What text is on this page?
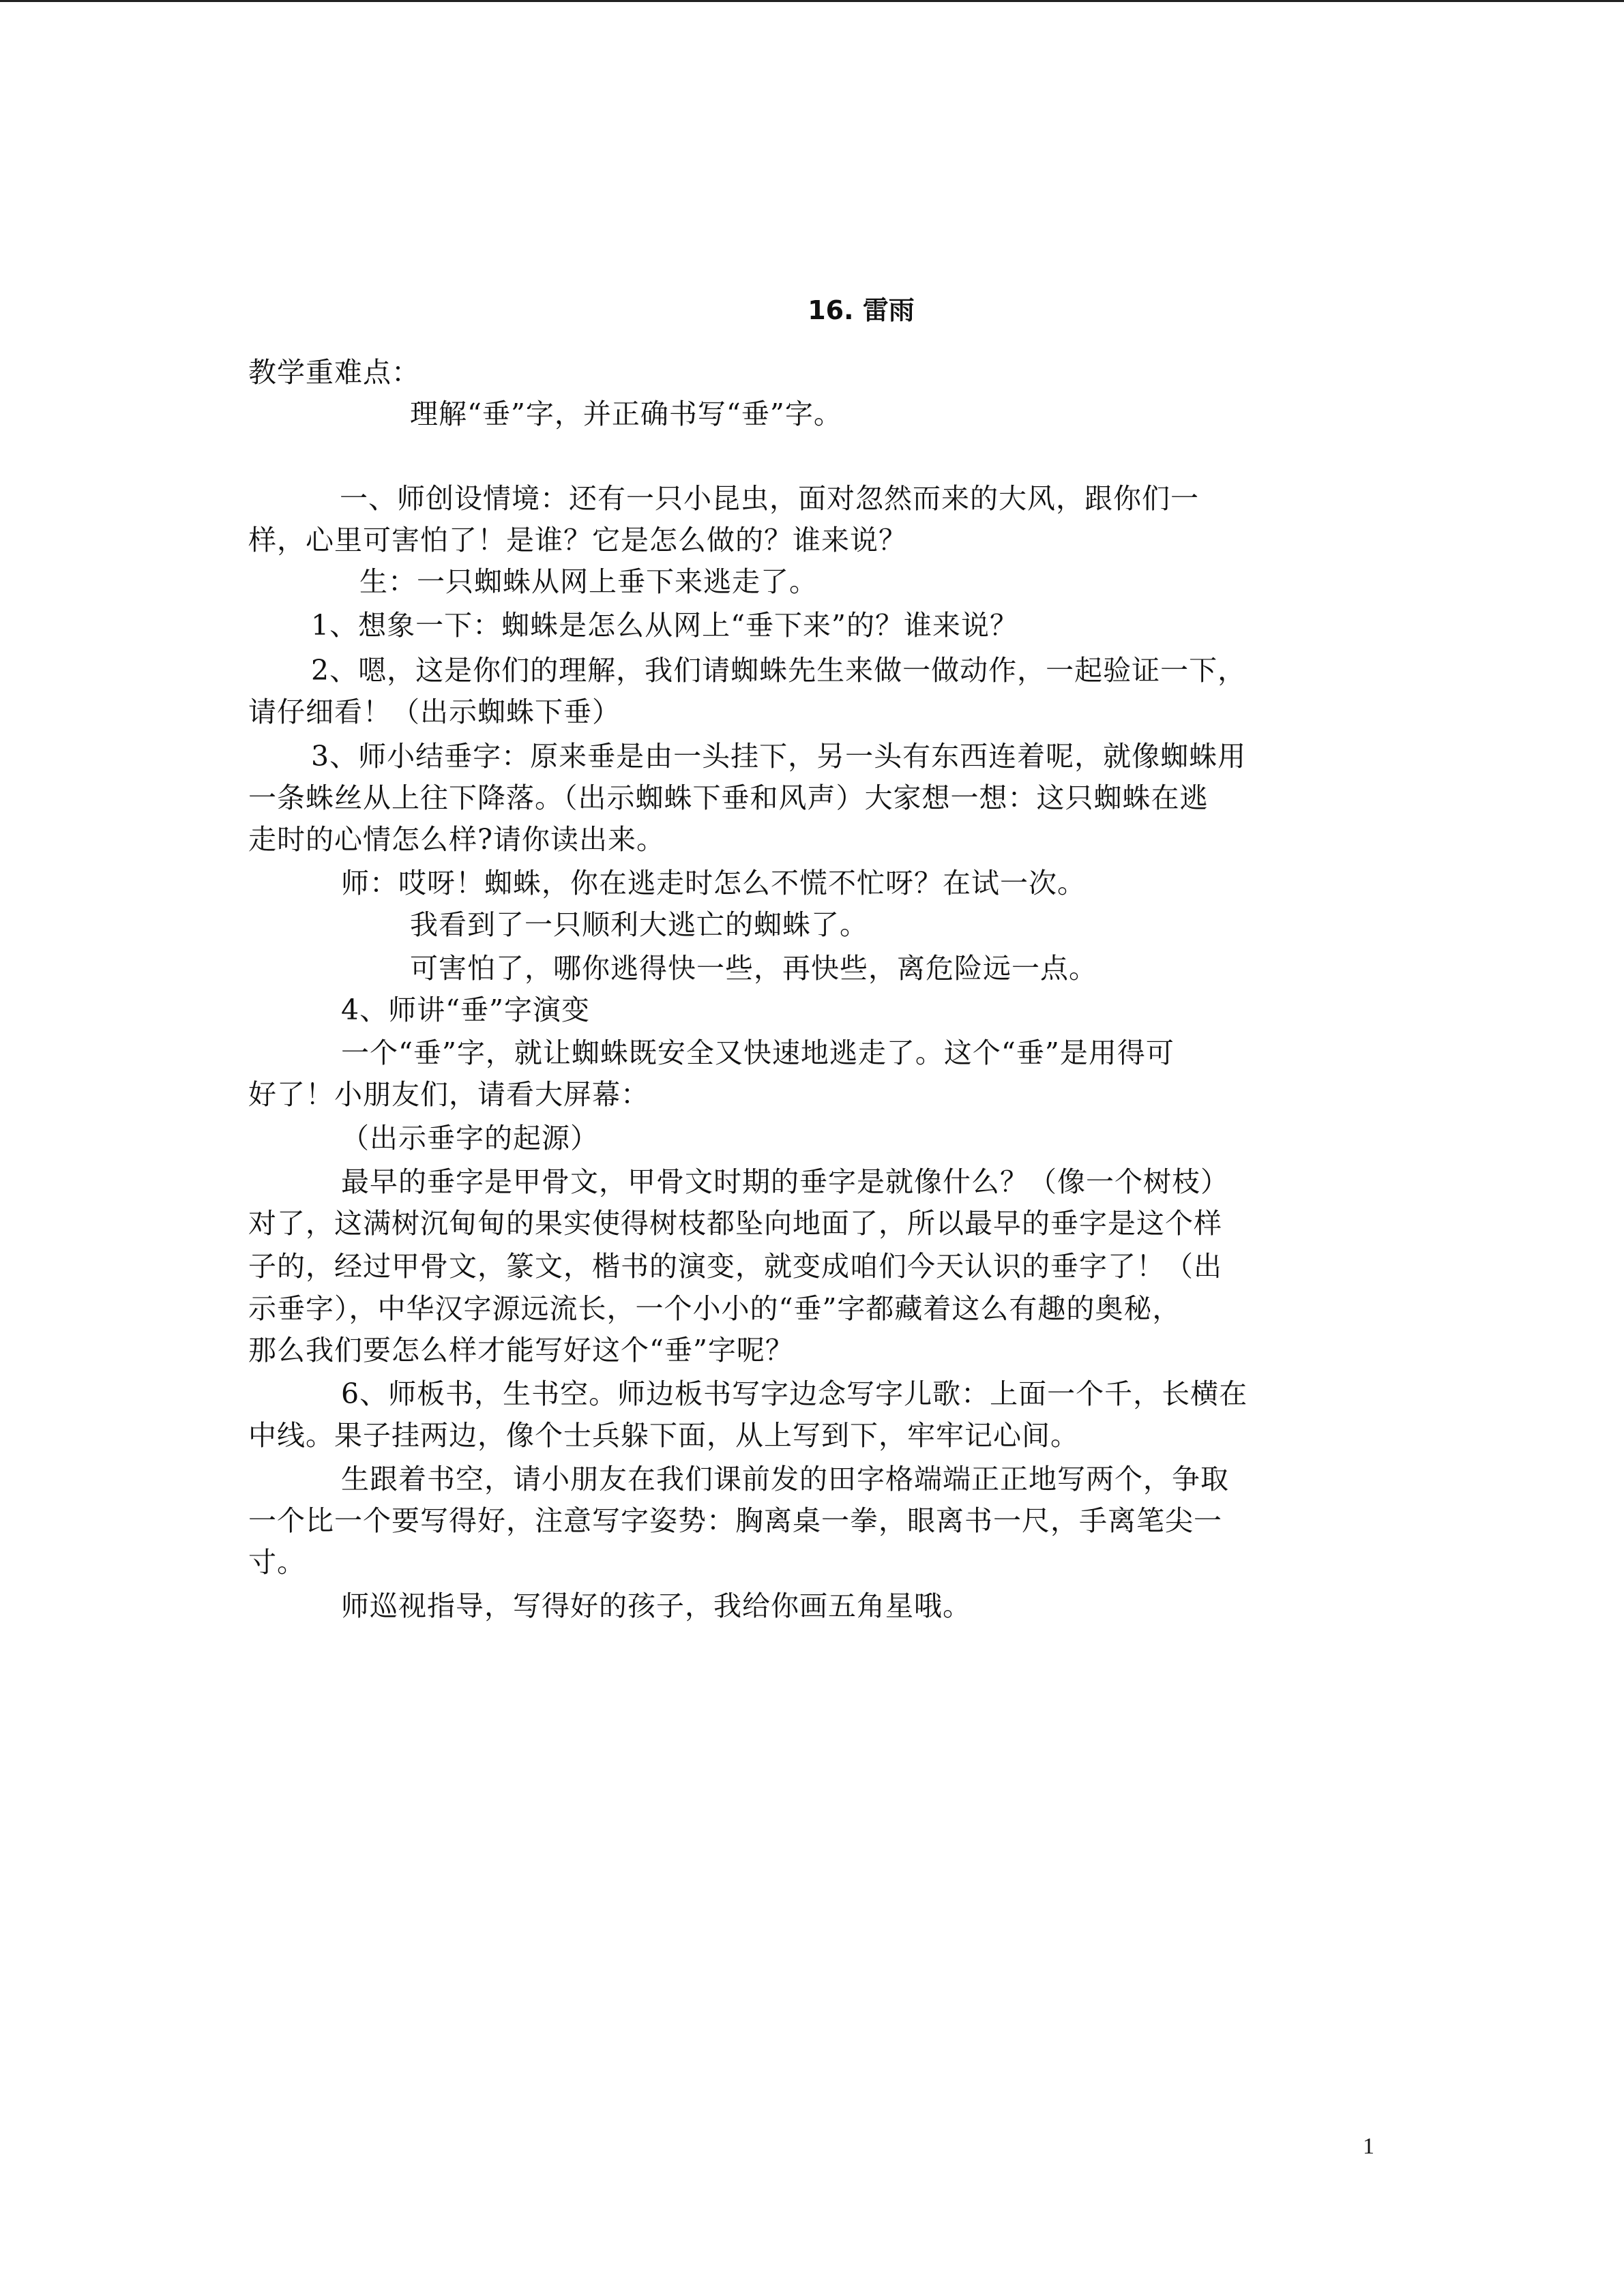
16. 雷雨
教学重难点：
理解“垂”字，并正确书写“垂”字。
一、师创设情境：还有一只小昆虫，面对忽然而来的大风，跟你们一
样，心里可害怕了！是谁？它是怎么做的？谁来说？
生：一只蜘蛛从网上垂下来逃走了。
1、想象一下：蜘蛛是怎么从网上“垂下来”的？谁来说？
2、嗯，这是你们的理解，我们请蜘蛛先生来做一做动作，一起验证一下，
请仔细看！（出示蜘蛛下垂）
3、师小结垂字：原来垂是由一头挂下，另一头有东西连着呢，就像蜘蛛用
一条蛛丝从上往下降落。（出示蜘蛛下垂和风声）大家想一想：这只蜘蛛在逃
走时的心情怎么样?请你读出来。
师：哎呀！蜘蛛，你在逃走时怎么不慌不忙呀？在试一次。
我看到了一只顺利大逃亡的蜘蛛了。
可害怕了，哪你逃得快一些，再快些，离危险远一点。
4、师讲“垂”字演变
一个“垂”字，就让蜘蛛既安全又快速地逃走了。这个“垂”是用得可
好了！小朋友们，请看大屏幕：
（出示垂字的起源）
最早的垂字是甲骨文，甲骨文时期的垂字是就像什么？（像一个树枝）
对了，这满树沉甸甸的果实使得树枝都坠向地面了，所以最早的垂字是这个样
子的，经过甲骨文，篆文，楷书的演变，就变成咱们今天认识的垂字了！（出
示垂字），中华汉字源远流长，一个小小的“垂”字都藏着这么有趣的奥秘，
那么我们要怎么样才能写好这个“垂”字呢？
6、师板书，生书空。师边板书写字边念写字儿歌：上面一个千，长横在
中线。果子挂两边，像个士兵躲下面，从上写到下，牢牢记心间。
生跟着书空，请小朋友在我们课前发的田字格端端正正地写两个，争取
一个比一个要写得好，注意写字姿势：胸离桌一拳，眼离书一尺，手离笔尖一
寸。
师巡视指导，写得好的孩子，我给你画五角星哦。
1
